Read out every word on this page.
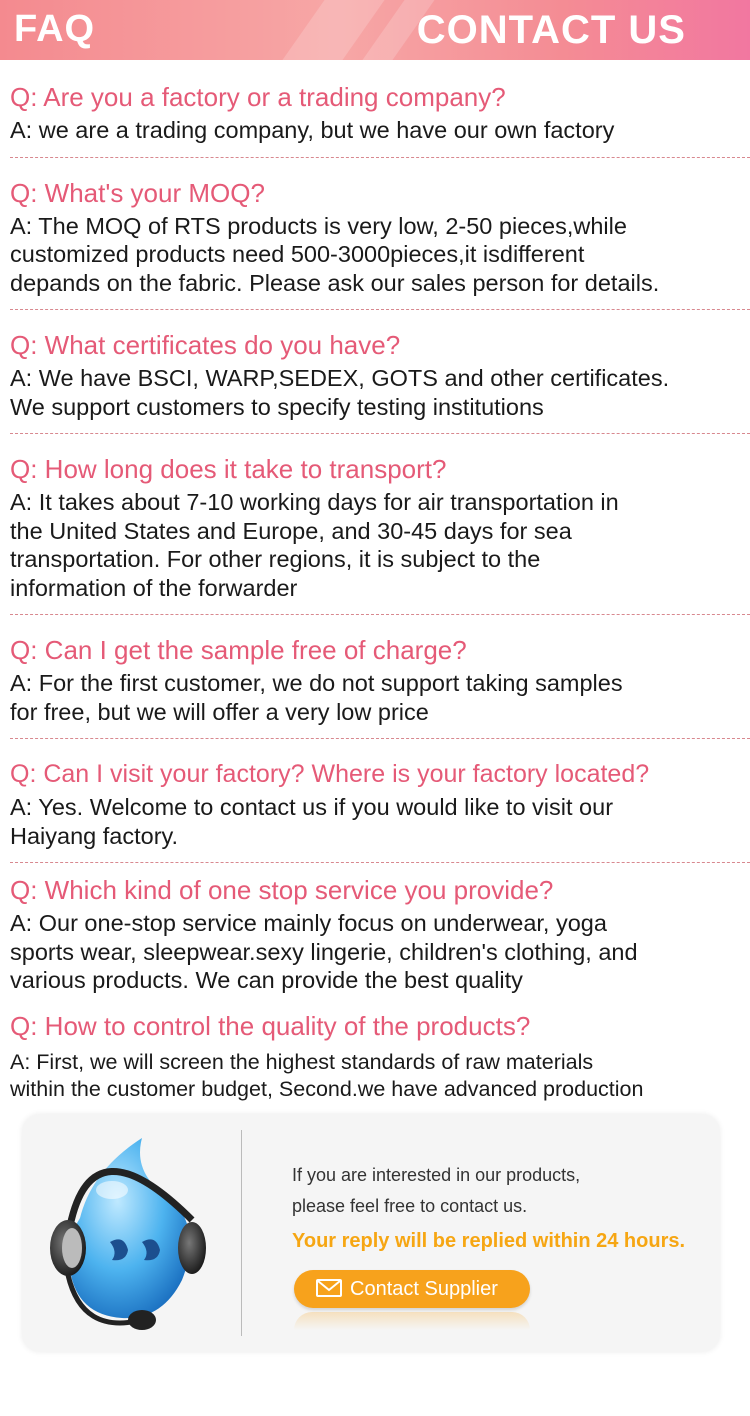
FAQ	CONTACT US
Q: Are you a factory or a trading company?
A: we are a trading company, but we have our own factory
Q: What's your MOQ?
A: The MOQ of RTS products is very low, 2-50 pieces,while
customized products need 500-3000pieces,it isdifferent
depands on the fabric. Please ask our sales person for details.
Q: What certificates do you have?
A: We have BSCI, WARP,SEDEX, GOTS and other certificates.
We support customers to specify testing institutions
Q: How long does it take to transport?
A: It takes about 7-10 working days for air transportation in
the United States and Europe, and 30-45 days for sea
transportation. For other regions, it is subject to the
information of the forwarder
Q: Can I get the sample free of charge?
A: For the first customer, we do not support taking samples
for free, but we will offer a very low price
Q: Can I visit your factory? Where is your factory located?
A: Yes. Welcome to contact us if you would like to visit our
Haiyang factory.
Q: Which kind of one stop service you provide?
A: Our one-stop service mainly focus on underwear, yoga
sports wear, sleepwear.sexy lingerie, children's clothing, and
various products. We can provide the best quality
Q: How to control the quality of the products?
A: First, we will screen the highest standards of raw materials
within the customer budget, Second.we have advanced production
If you are interested in our products,
please feel free to contact us.
Your reply will be replied within 24 hours.
Contact Supplier
